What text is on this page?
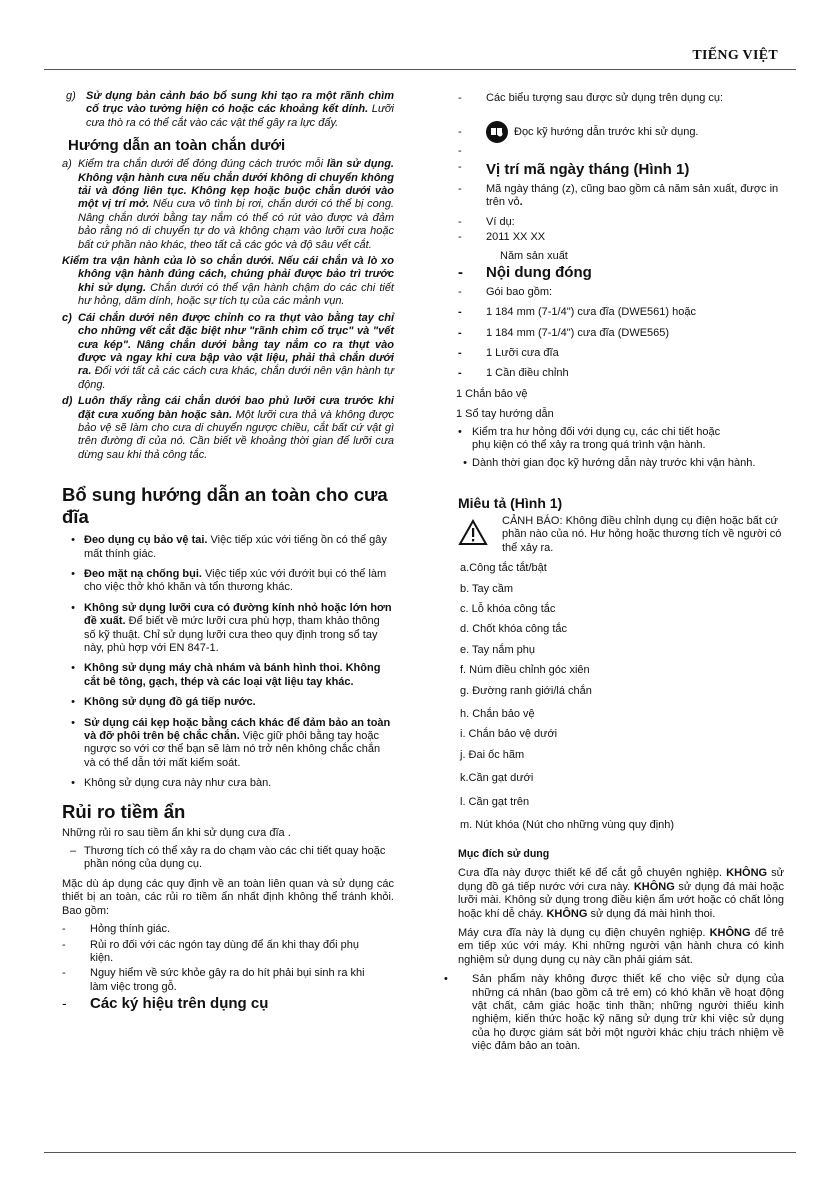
TIẾNG VIỆT
g) Sử dụng bản cảnh báo bổ sung khi tạo ra một rãnh chìm cố trục vào tường hiện có hoặc các khoảng kết dính. Lưỡi cưa thò ra có thể cắt vào các vật thể gây ra lực đẩy.
Hướng dẫn an toàn chắn dưới
a) Kiểm tra chắn dưới để đóng đúng cách trước mỗi lần sử dụng. Không vận hành cưa nếu chắn dưới không di chuyển không tải và đóng liên tục. Không kẹp hoặc buộc chắn dưới vào một vị trí mở. Nếu cưa vô tình bị rơi, chắn dưới có thể bị cong. Nâng chắn dưới bằng tay nắm có thể có rút vào được và đảm bảo rằng nó di chuyển tự do và không chạm vào lưỡi cưa hoặc bất cứ phần nào khác, theo tất cả các góc và độ sâu vết cắt.
Kiểm tra vận hành của lò so chắn dưới. Nếu cái chắn và lò xo không vận hành đúng cách, chúng phải được bảo trì trước khi sử dụng. Chắn dưới có thể vận hành chậm do các chi tiết hư hỏng, dăm dính, hoặc sự tích tụ của các mảnh vụn.
c) Cái chắn dưới nên được chỉnh co ra thụt vào bằng tay chỉ cho những vết cắt đặc biệt như "rãnh chìm cố trục" và "vết cưa kép". Nâng chắn dưới bằng tay nắm co ra thụt vào được và ngay khi cưa bập vào vật liệu, phải thả chắn dưới ra. Đối với tất cả các cách cưa khác, chắn dưới nên vận hành tự động.
d) Luôn thấy rằng cái chắn dưới bao phủ lưỡi cưa trước khi đặt cưa xuống bàn hoặc sàn. Một lưỡi cưa thả và không được bảo vệ sẽ làm cho cưa di chuyển ngược chiều, cắt bất cứ vật gì trên đường đi của nó. Cần biết về khoảng thời gian để lưỡi cưa dừng sau khi thả công tắc.
Bổ sung hướng dẫn an toàn cho cưa đĩa
• Đeo dụng cụ bảo vệ tai. Việc tiếp xúc với tiếng ồn có thể gây mất thính giác.
• Đeo mặt nạ chống bụi. Việc tiếp xúc với đướit bụi có thể làm cho việc thở khó khăn và tổn thương khác.
• Không sử dụng lưỡi cưa có đường kính nhỏ hoặc lớn hơn đề xuất. Để biết về mức lưỡi cưa phù hợp, tham khảo thông số kỹ thuật. Chỉ sử dụng lưỡi cưa theo quy định trong sổ tay này, phù hợp với EN 847-1.
• Không sử dụng máy chà nhám và bánh hình thoi. Không cắt bê tông, gạch, thép và các loại vật liệu tay khác.
• Không sử dụng đồ gá tiếp nước.
• Sử dụng cái kẹp hoặc bằng cách khác để đảm bảo an toàn và đỡ phôi trên bệ chắc chắn. Việc giữ phôi bằng tay hoặc ngược so với cơ thể bạn sẽ làm nó trở nên không chắc chắn và có thể dẫn tới mất kiểm soát.
• Không sử dụng cưa này như cưa bàn.
Rủi ro tiềm ẩn

Những rủi ro sau tiềm ẩn khi sử dụng cưa đĩa .

– Thương tích có thể xảy ra do chạm vào các chi tiết quay hoặc phần nóng của dụng cụ.

Mặc dù áp dụng các quy định về an toàn liên quan và sử dụng các thiết bị an toàn, các rủi ro tiềm ẩn nhất định không thể tránh khỏi. Bao gồm:

-	Hỏng thính giác.
-	Rủi ro đối với các ngón tay dùng để ấn khi thay đổi phụ kiện.
-	Nguy hiểm về sức khỏe gây ra do hít phải bụi sinh ra khi làm việc trong gỗ.
-	Các ký hiệu trên dụng cụ
-	Các biểu tượng sau được sử dụng trên dụng cụ:
-	Đọc kỹ hướng dẫn trước khi sử dụng.
-
-	Vị trí mã ngày tháng (Hình 1)
-	Mã ngày tháng (z), cũng bao gồm cả năm sản xuất, được in trên vỏ.
-	Ví dụ:
-	2011 XX XX
Năm sản xuất
-	Nội dung đóng
-	Gói bao gồm:
-	1 184 mm (7-1/4") cưa đĩa (DWE561) hoặc
-	1 184 mm (7-1/4") cưa đĩa (DWE565)
-	1 Lưỡi cưa đĩa
-	1 Cần điều chỉnh
1 Chắn bảo vệ
1 Sổ tay hướng dẫn
• Kiểm tra hư hỏng đối với dụng cụ, các chi tiết hoặc phụ kiện có thể xảy ra trong quá trình vận hành.
• Dành thời gian đọc kỹ hướng dẫn này trước khi vận hành.
Miêu tả (Hình 1)
CẢNH BÁO: Không điều chỉnh dụng cụ điện hoặc bất cứ phần nào của nó. Hư hỏng hoặc thương tích về người có thể xảy ra.
a.Công tắc tắt/bật
b. Tay cầm
c. Lỗ khóa công tắc
d. Chốt khóa công tắc
e. Tay nắm phụ
f. Núm điều chỉnh góc xiên
g. Đường ranh giới/lá chắn
h. Chắn bảo vệ
i. Chắn bảo vệ dưới
j. Đai ốc hãm
k.Cần gạt dưới
l. Cần gạt trên
m. Nút khóa (Nút cho những vùng quy định)
Mục đích sử dung

Cưa đĩa này được thiết kế để cắt gỗ chuyên nghiệp. KHÔNG sử dụng đồ gá tiếp nước với cưa này. KHÔNG sử dụng đá mài hoặc lưỡi mài. Không sử dụng trong điều kiện ẩm ướt hoặc có chất lỏng hoặc khí dễ cháy. KHÔNG sử dụng đá mài hình thoi.

Máy cưa đĩa này là dụng cụ điện chuyên nghiệp. KHÔNG để trẻ em tiếp xúc với máy. Khi những người vận hành chưa có kinh nghiệm sử dụng dụng cụ này cần phải giám sát.

•	Sản phẩm này không được thiết kế cho việc sử dụng của những cá nhân (bao gồm cả trẻ em) có khó khăn về hoạt động vật chất, cảm giác hoặc tinh thần; những người thiếu kinh nghiệm, kiến thức hoặc kỹ năng sử dụng trừ khi việc sử dụng của họ được giám sát bởi một người khác chịu trách nhiệm về việc đảm bảo an toàn.
